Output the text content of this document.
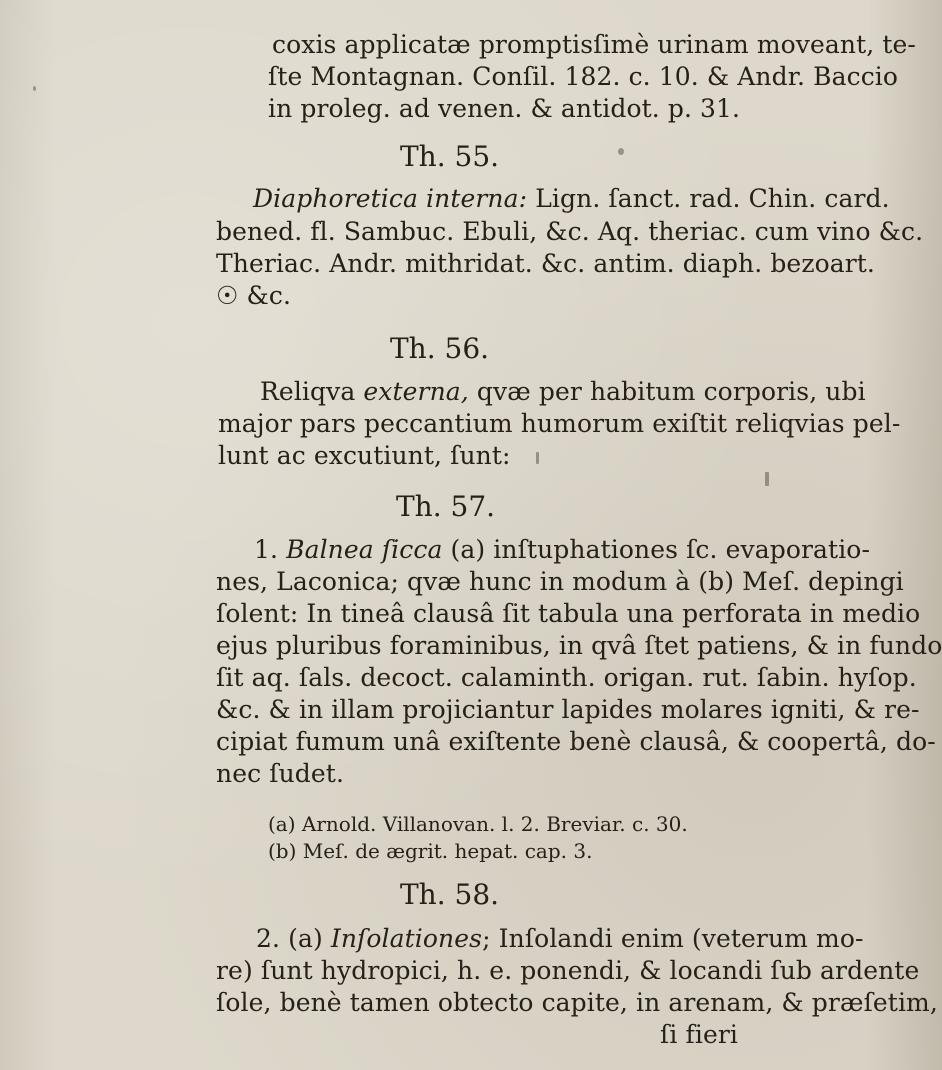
coxis applicatæ promptisſimè urinam moveant, te-
ſte Montagnan. Conſil. 182. c. 10. & Andr. Baccio
in proleg. ad venen. & antidot. p. 31.
Th. 55.
Diaphoretica interna: Lign. ſanct. rad. Chin. card.
bened. fl. Sambuc. Ebuli, &c. Aq. theriac. cum vino &c.
Theriac. Andr. mithridat. &c. antim. diaph. bezoart.
☉ &c.
Th. 56.
Reliqva externa, qvæ per habitum corporis, ubi
major pars peccantium humorum exiſtit reliqvias pel-
lunt ac excutiunt, ſunt:
Th. 57.
1. Balnea ſicca (a) inſtuphationes ſc. evaporatio-
nes, Laconica; qvæ hunc in modum à (b) Meſ. depingi
ſolent: In tineâ clausâ ſit tabula una perforata in medio
ejus pluribus foraminibus, in qvâ ſtet patiens, & in fundo
ſit aq. ſals. decoct. calaminth. origan. rut. ſabin. hyſop.
&c. & in illam projiciantur lapides molares igniti, & re-
cipiat fumum unâ exiſtente benè clausâ, & coopertâ, do-
nec ſudet.
(a) Arnold. Villanovan. l. 2. Breviar. c. 30.
(b) Meſ. de ægrit. hepat. cap. 3.
Th. 58.
2. (a) Inſolationes; Inſolandi enim (veterum mo-
re) ſunt hydropici, h. e. ponendi, & locandi ſub ardente
ſole, benè tamen obtecto capite, in arenam, & præſetim,
ſi fieri
